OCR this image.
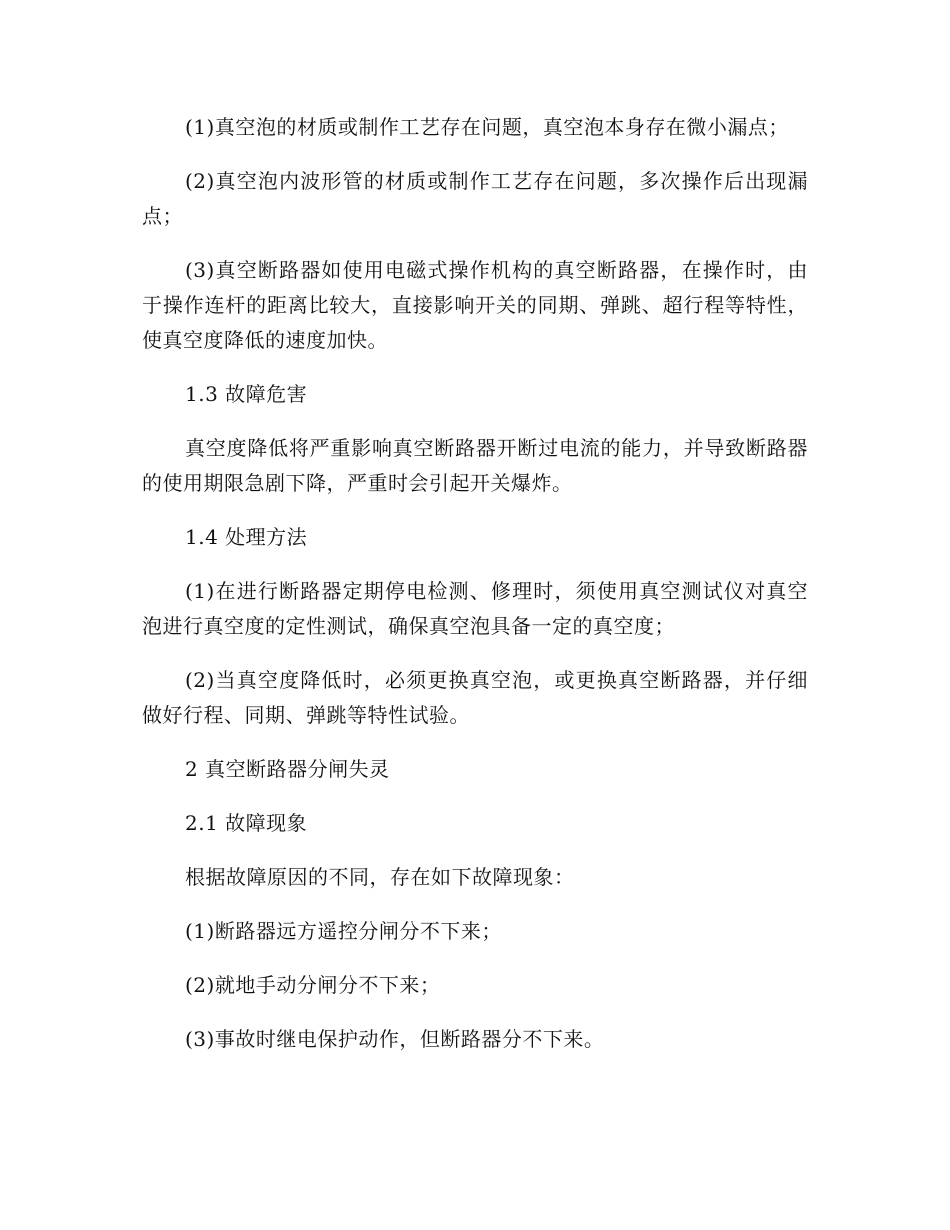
(1)真空泡的材质或制作工艺存在问题，真空泡本身存在微小漏点；

(2)真空泡内波形管的材质或制作工艺存在问题，多次操作后出现漏点；

(3)真空断路器如使用电磁式操作机构的真空断路器，在操作时，由于操作连杆的距离比较大，直接影响开关的同期、弹跳、超行程等特性，使真空度降低的速度加快。

1.3 故障危害

真空度降低将严重影响真空断路器开断过电流的能力，并导致断路器的使用期限急剧下降，严重时会引起开关爆炸。

1.4 处理方法

(1)在进行断路器定期停电检测、修理时，须使用真空测试仪对真空泡进行真空度的定性测试，确保真空泡具备一定的真空度；

(2)当真空度降低时，必须更换真空泡，或更换真空断路器，并仔细做好行程、同期、弹跳等特性试验。

2 真空断路器分闸失灵

2.1 故障现象

根据故障原因的不同，存在如下故障现象：

(1)断路器远方遥控分闸分不下来；

(2)就地手动分闸分不下来；

(3)事故时继电保护动作，但断路器分不下来。
